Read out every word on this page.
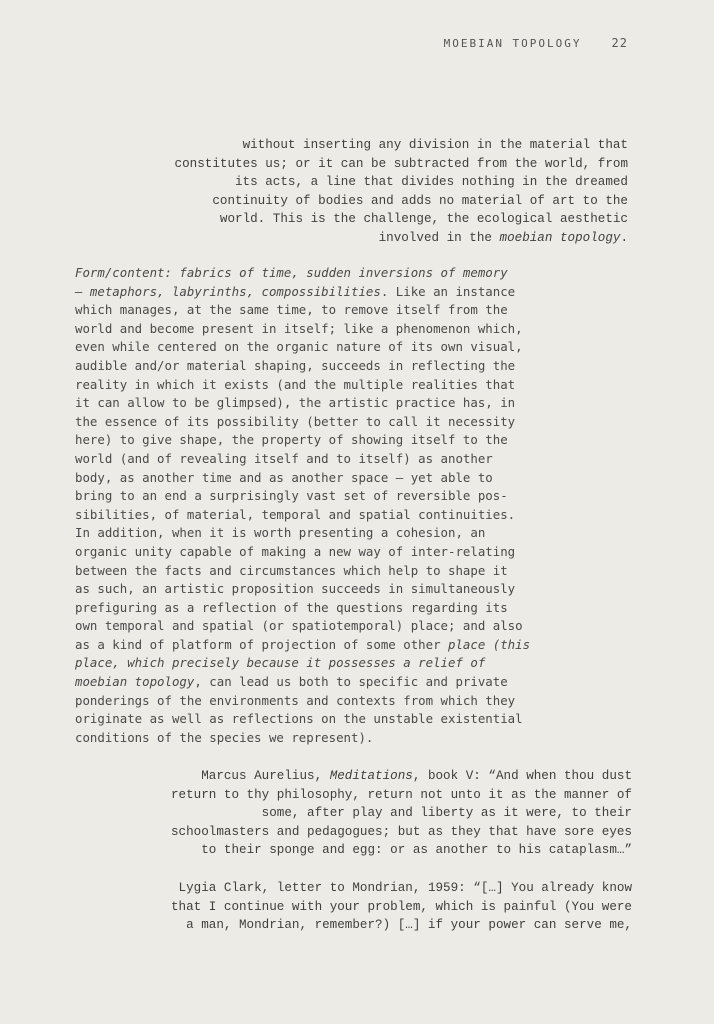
MOEBIAN TOPOLOGY	22
without inserting any division in the material that
constitutes us; or it can be subtracted from the world, from
its acts, a line that divides nothing in the dreamed
continuity of bodies and adds no material of art to the
world. This is the challenge, the ecological aesthetic
involved in the moebian topology.
Form/content: fabrics of time, sudden inversions of memory
– metaphors, labyrinths, compossibilities. Like an instance
which manages, at the same time, to remove itself from the
world and become present in itself; like a phenomenon which,
even while centered on the organic nature of its own visual,
audible and/or material shaping, succeeds in reflecting the
reality in which it exists (and the multiple realities that
it can allow to be glimpsed), the artistic practice has, in
the essence of its possibility (better to call it necessity
here) to give shape, the property of showing itself to the
world (and of revealing itself and to itself) as another
body, as another time and as another space – yet able to
bring to an end a surprisingly vast set of reversible pos-
sibilities, of material, temporal and spatial continuities.
In addition, when it is worth presenting a cohesion, an
organic unity capable of making a new way of inter-relating
between the facts and circumstances which help to shape it
as such, an artistic proposition succeeds in simultaneously
prefiguring as a reflection of the questions regarding its
own temporal and spatial (or spatiotemporal) place; and also
as a kind of platform of projection of some other place (this
place, which precisely because it possesses a relief of
moebian topology, can lead us both to specific and private
ponderings of the environments and contexts from which they
originate as well as reflections on the unstable existential
conditions of the species we represent).
Marcus Aurelius, Meditations, book V: “And when thou dust
return to thy philosophy, return not unto it as the manner of
some, after play and liberty as it were, to their
schoolmasters and pedagogues; but as they that have sore eyes
to their sponge and egg: or as another to his cataplasm…”
Lygia Clark, letter to Mondrian, 1959: “[…] You already know
that I continue with your problem, which is painful (You were
a man, Mondrian, remember?) […] if your power can serve me,
